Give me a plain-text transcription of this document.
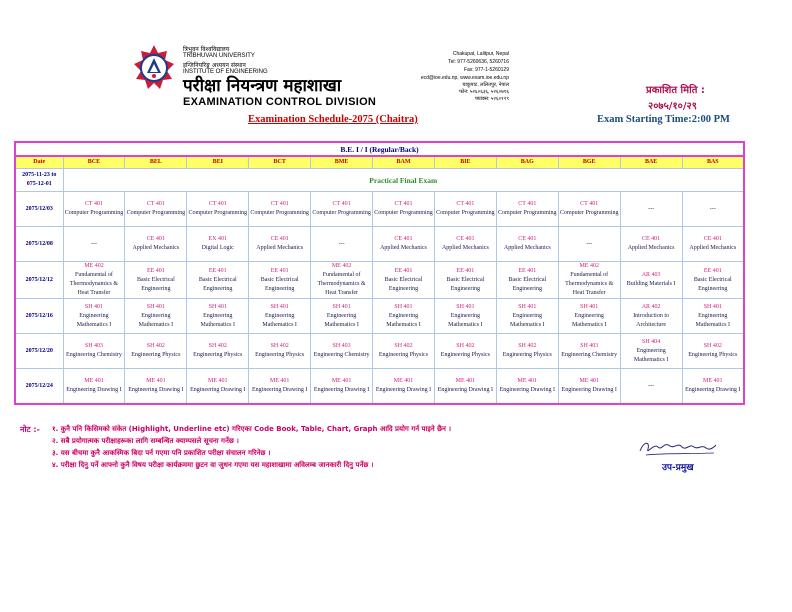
त्रिभुवन विश्वविद्यालय
TRIBHUVAN UNIVERSITY
इन्जिनियरिङ्ग अध्ययन संस्थान
INSTITUTE OF ENGINEERING
परीक्षा नियन्त्रण महाशाखा
EXAMINATION CONTROL DIVISION
Chakupat, Lalitpur, Nepal
Tel: 977-5260636, 5260716
Fax: 977-1-5260129
ecd@ioe.edu.np, www.exam.ioe.edu.np
चाकुपाट, ललितपुर, नेपाल
फोन: ५२६०६३६, ५२६०७१६
फ्याक्स: ५२६०१२९
प्रकाशित मिति :
२०७५/१०/२९
Examination Schedule-2075 (Chaitra)	Exam Starting Time:2:00 PM
B.E. I / I (Regular/Back)											
Date	BCE	BEL	BEI	BCT	BME	BAM	BIE	BAG	BGE	BAE	BAS
2075-11-23 to 075-12-01	Practical Final Exam										
2075/12/03	CT 401
Computer Programming	CT 401
Computer Programming	CT 401
Computer Programming	CT 401
Computer Programming	CT 401
Computer Programming	CT 401
Computer Programming	CT 401
Computer Programming	CT 401
Computer Programming	CT 401
Computer Programming	---	---

2075/12/08	---	CE 401
Applied Mechanics	EX 401
Digital Logic	CE 401
Applied Mechanics	---	CE 401
Applied Mechanics	CE 401
Applied Mechanics	CE 401
Applied Mechanics	---	CE 401
Applied Mechanics	CE 401
Applied Mechanics

2075/12/12	ME 402
Fundamental of Thermodynamics & Heat Transfer	EE 401
Basic Electrical Engineering	EE 401
Basic Electrical Engineering	EE 401
Basic Electrical Engineering	ME 402
Fundamental of Thermodynamics & Heat Transfer	EE 401
Basic Electrical Engineering	EE 401
Basic Electrical Engineering	EE 401
Basic Electrical Engineering	ME 402
Fundamental of Thermodynamics & Heat Transfer	AR 403
Building Materials I	EE 401
Basic Electrical Engineering

2075/12/16	SH 401
Engineering Mathematics I	SH 401
Engineering Mathematics I	SH 401
Engineering Mathematics I	SH 401
Engineering Mathematics I	SH 401
Engineering Mathematics I	SH 401
Engineering Mathematics I	SH 401
Engineering Mathematics I	SH 401
Engineering Mathematics I	SH 401
Engineering Mathematics I	AR 402
Introduction to Architecture	SH 401
Engineering Mathematics I

2075/12/20	SH 403
Engineering Chemistry	SH 402
Engineering Physics	SH 402
Engineering Physics	SH 402
Engineering Physics	SH 403
Engineering Chemistry	SH 402
Engineering Physics	SH 402
Engineering Physics	SH 402
Engineering Physics	SH 403
Engineering Chemistry	SH 404
Engineering Mathematics I	SH 402
Engineering Physics

2075/12/24	ME 401
Engineering Drawing I	ME 401
Engineering Drawing I	ME 401
Engineering Drawing I	ME 401
Engineering Drawing I	ME 401
Engineering Drawing I	ME 401
Engineering Drawing I	ME 401
Engineering Drawing I	ME 401
Engineering Drawing I	ME 401
Engineering Drawing I	---	ME 401
Engineering Drawing I
नोट :- १. कुनै पनि किसिमको संकेत (Highlight, Underline etc) गरिएका Code Book, Table, Chart, Graph आदि प्रयोग गर्न पाइने छैन ।
२. सबै प्रयोगात्मक परीक्षाहरूका लागि सम्बन्धित क्याम्पसले सूचना गर्नेछ ।
३. यस बीचमा कुनै आकस्मिक बिदा पर्न गएमा पनि प्रकाशित परीक्षा संचालन गरिनेछ ।
४. परीक्षा दिनु पर्ने आफ्नो कुनै विषय परीक्षा कार्यक्रममा छुटन वा जुधन गएमा यस महाशाखामा अविलम्ब जानकारी दिनु पर्नेछ ।	उप-प्रमुख
